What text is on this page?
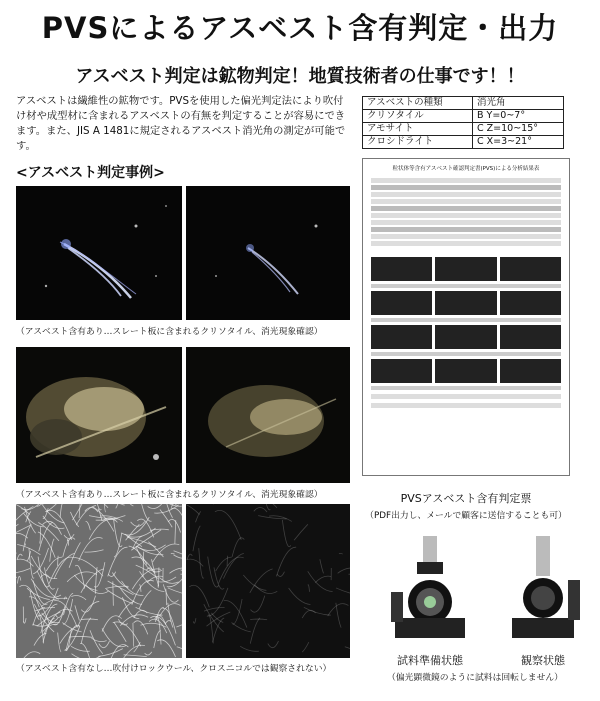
PVSによるアスベスト含有判定・出力
アスベスト判定は鉱物判定！地質技術者の仕事です！！
アスベストは繊維性の鉱物です。PVSを使用した偏光判定法により吹付け材や成型材に含まれるアスベストの有無を判定することが容易にできます。また、JIS A 1481に規定されるアスベスト消光角の測定が可能です。
アスベストの種類	消光角
クリソタイル	B Y=0~7°
アモサイト	C Z=10~15°
クロシドライト	C X=3~21°
<アスベスト判定事例>
（アスベスト含有あり…スレート板に含まれるクリソタイル、消光現象確認）
（アスベスト含有あり…スレート板に含まれるクリソタイル、消光現象確認）
（アスベスト含有なし…吹付けロックウール、クロスニコルでは観察されない）
粒状体等含有アスベスト確認判定書(PVS)による分析結果表
PVSアスベスト含有判定票
（PDF出力し、メールで顧客に送信することも可）
試料準備状態	観察状態
（偏光顕微鏡のように試料は回転しません）
